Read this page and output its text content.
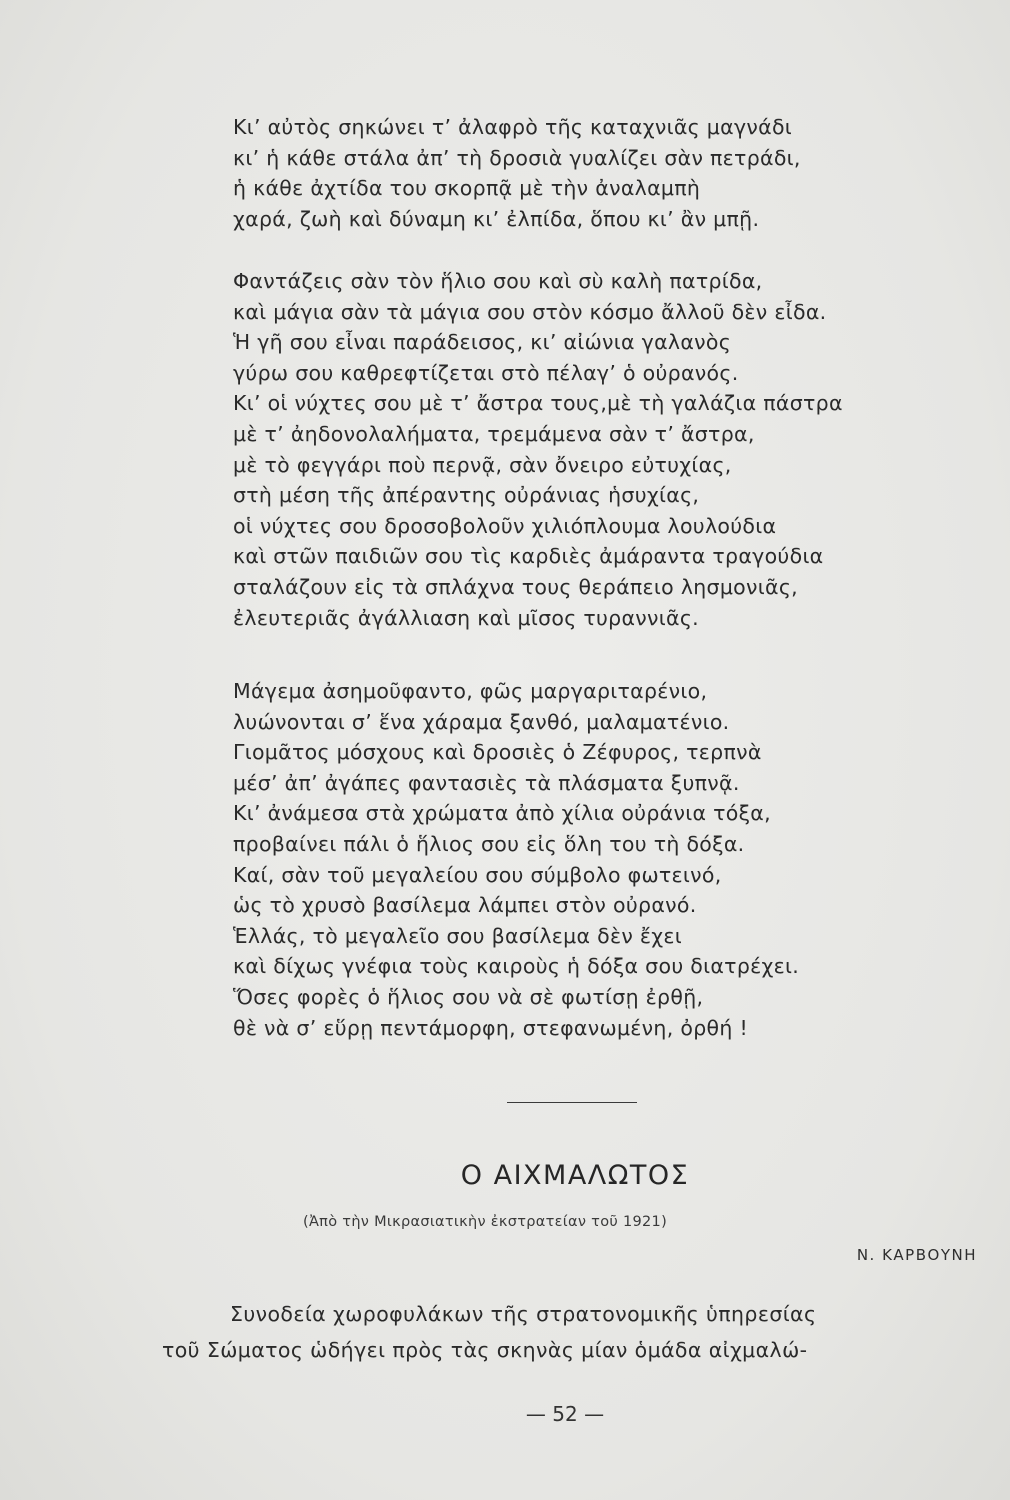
Κι’ αὐτὸς σηκώνει τ’ ἀλαφρὸ τῆς καταχνιᾶς μαγνάδι
κι’ ἡ κάθε στάλα ἀπ’ τὴ δροσιὰ γυαλίζει σὰν πετράδι,
ἡ κάθε ἀχτίδα του σκορπᾷ μὲ τὴν ἀναλαμπὴ
χαρά, ζωὴ καὶ δύναμη κι’ ἐλπίδα, ὅπου κι’ ἂν μπῇ.
Φαντάζεις σὰν τὸν ἥλιο σου καὶ σὺ καλὴ πατρίδα,
καὶ μάγια σὰν τὰ μάγια σου στὸν κόσμο ἄλλοῦ δὲν εἶδα.
Ἡ γῆ σου εἶναι παράδεισος, κι’ αἰώνια γαλανὸς
γύρω σου καθρεφτίζεται στὸ πέλαγ’ ὁ οὐρανός.
Κι’ οἱ νύχτες σου μὲ τ’ ἄστρα τους,μὲ τὴ γαλάζια πάστρα
μὲ τ’ ἀηδονολαλήματα, τρεμάμενα σὰν τ’ ἄστρα,
μὲ τὸ φεγγάρι ποὺ περνᾷ, σὰν ὄνειρο εὐτυχίας,
στὴ μέση τῆς ἀπέραντης οὐράνιας ἡσυχίας,
οἱ νύχτες σου δροσοβολοῦν χιλιόπλουμα λουλούδια
καὶ στῶν παιδιῶν σου τὶς καρδιὲς ἀμάραντα τραγούδια
σταλάζουν εἰς τὰ σπλάχνα τους θεράπειο λησμονιᾶς,
ἐλευτεριᾶς ἀγάλλιαση καὶ μῖσος τυραννιᾶς.
Μάγεμα ἀσημοῦφαντο, φῶς μαργαριταρένιο,
λυώνονται σ’ ἕνα χάραμα ξανθό, μαλαματένιο.
Γιομᾶτος μόσχους καὶ δροσιὲς ὁ Ζέφυρος, τερπνὰ
μέσ’ ἀπ’ ἀγάπες φαντασιὲς τὰ πλάσματα ξυπνᾷ.
Κι’ ἀνάμεσα στὰ χρώματα ἀπὸ χίλια οὐράνια τόξα,
προβαίνει πάλι ὁ ἥλιος σου εἰς ὅλη του τὴ δόξα.
Καί, σὰν τοῦ μεγαλείου σου σύμβολο φωτεινό,
ὡς τὸ χρυσὸ βασίλεμα λάμπει στὸν οὐρανό.
Ἑλλάς, τὸ μεγαλεῖο σου βασίλεμα δὲν ἔχει
καὶ δίχως γνέφια τοὺς καιροὺς ἡ δόξα σου διατρέχει.
Ὅσες φορὲς ὁ ἥλιος σου νὰ σὲ φωτίσῃ ἐρθῇ,
θὲ νὰ σ’ εὕρῃ πεντάμορφη, στεφανωμένη, ὀρθή !
Ο ΑΙΧΜΑΛΩΤΟΣ
(Ἀπὸ τὴν Μικρασιατικὴν ἐκστρατείαν τοῦ 1921)
Ν. ΚΑΡΒΟΥΝΗ
Συνοδεία χωροφυλάκων τῆς στρατονομικῆς ὑπηρεσίας
τοῦ Σώματος ὡδήγει πρὸς τὰς σκηνὰς μίαν ὁμάδα αἰχμαλώ-
— 52 —
